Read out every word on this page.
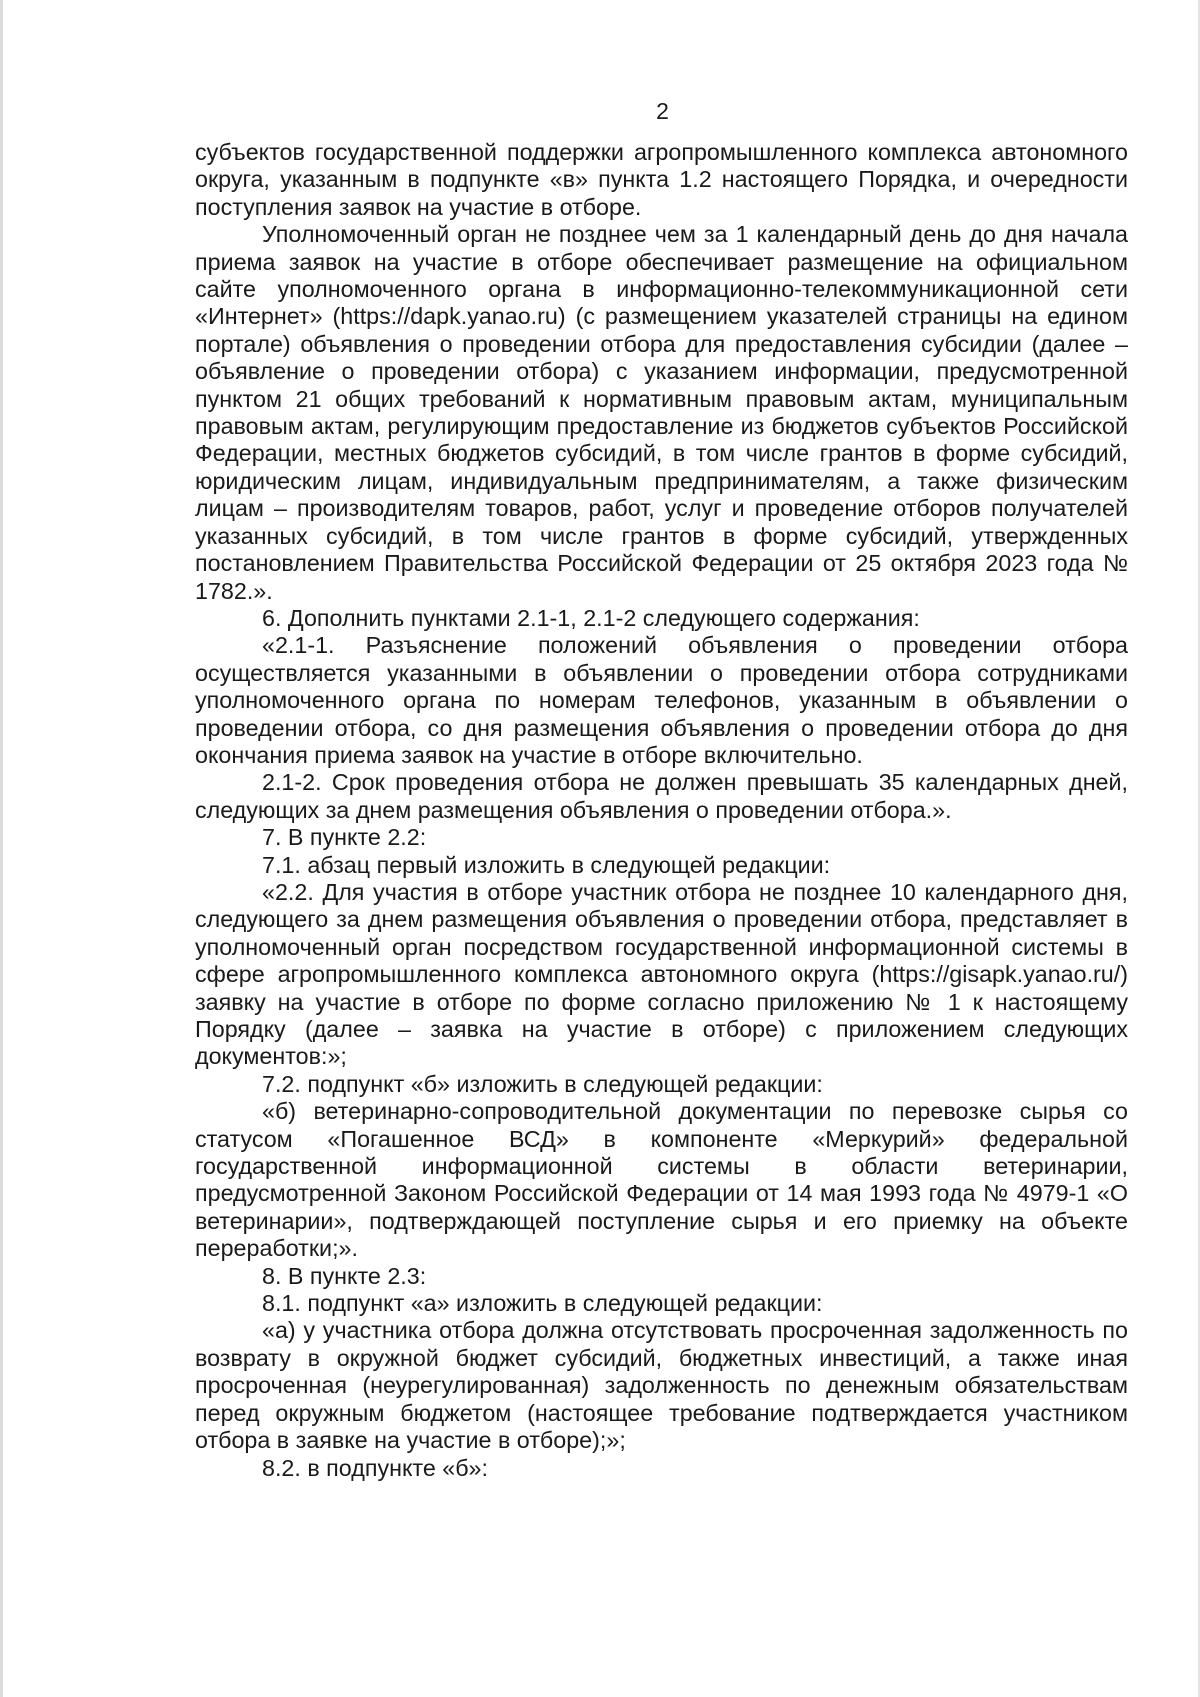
2

субъектов государственной поддержки агропромышленного комплекса автономного округа, указанным в подпункте «в» пункта 1.2 настоящего Порядка, и очередности поступления заявок на участие в отборе.

Уполномоченный орган не позднее чем за 1 календарный день до дня начала приема заявок на участие в отборе обеспечивает размещение на официальном сайте уполномоченного органа в информационно-телекоммуникационной сети «Интернет» (https://dapk.yanao.ru) (с размещением указателей страницы на едином портале) объявления о проведении отбора для предоставления субсидии (далее – объявление о проведении отбора) с указанием информации, предусмотренной пунктом 21 общих требований к нормативным правовым актам, муниципальным правовым актам, регулирующим предоставление из бюджетов субъектов Российской Федерации, местных бюджетов субсидий, в том числе грантов в форме субсидий, юридическим лицам, индивидуальным предпринимателям, а также физическим лицам – производителям товаров, работ, услуг и проведение отборов получателей указанных субсидий, в том числе грантов в форме субсидий, утвержденных постановлением Правительства Российской Федерации от 25 октября 2023 года № 1782.».

6. Дополнить пунктами 2.1-1, 2.1-2 следующего содержания:

«2.1-1. Разъяснение положений объявления о проведении отбора осуществляется указанными в объявлении о проведении отбора сотрудниками уполномоченного органа по номерам телефонов, указанным в объявлении о проведении отбора, со дня размещения объявления о проведении отбора до дня окончания приема заявок на участие в отборе включительно.

2.1-2. Срок проведения отбора не должен превышать 35 календарных дней, следующих за днем размещения объявления о проведении отбора.».

7. В пункте 2.2:

7.1. абзац первый изложить в следующей редакции:

«2.2. Для участия в отборе участник отбора не позднее 10 календарного дня, следующего за днем размещения объявления о проведении отбора, представляет в уполномоченный орган посредством государственной информационной системы в сфере агропромышленного комплекса автономного округа (https://gisapk.yanao.ru/) заявку на участие в отборе по форме согласно приложению № 1 к настоящему Порядку (далее – заявка на участие в отборе) с приложением следующих документов:»;

7.2. подпункт «б» изложить в следующей редакции:

«б) ветеринарно-сопроводительной документации по перевозке сырья со статусом «Погашенное ВСД» в компоненте «Меркурий» федеральной государственной информационной системы в области ветеринарии, предусмотренной Законом Российской Федерации от 14 мая 1993 года № 4979-1 «О ветеринарии», подтверждающей поступление сырья и его приемку на объекте переработки;».

8. В пункте 2.3:

8.1. подпункт «а» изложить в следующей редакции:

«а) у участника отбора должна отсутствовать просроченная задолженность по возврату в окружной бюджет субсидий, бюджетных инвестиций, а также иная просроченная (неурегулированная) задолженность по денежным обязательствам перед окружным бюджетом (настоящее требование подтверждается участником отбора в заявке на участие в отборе);»;

8.2. в подпункте «б»:
